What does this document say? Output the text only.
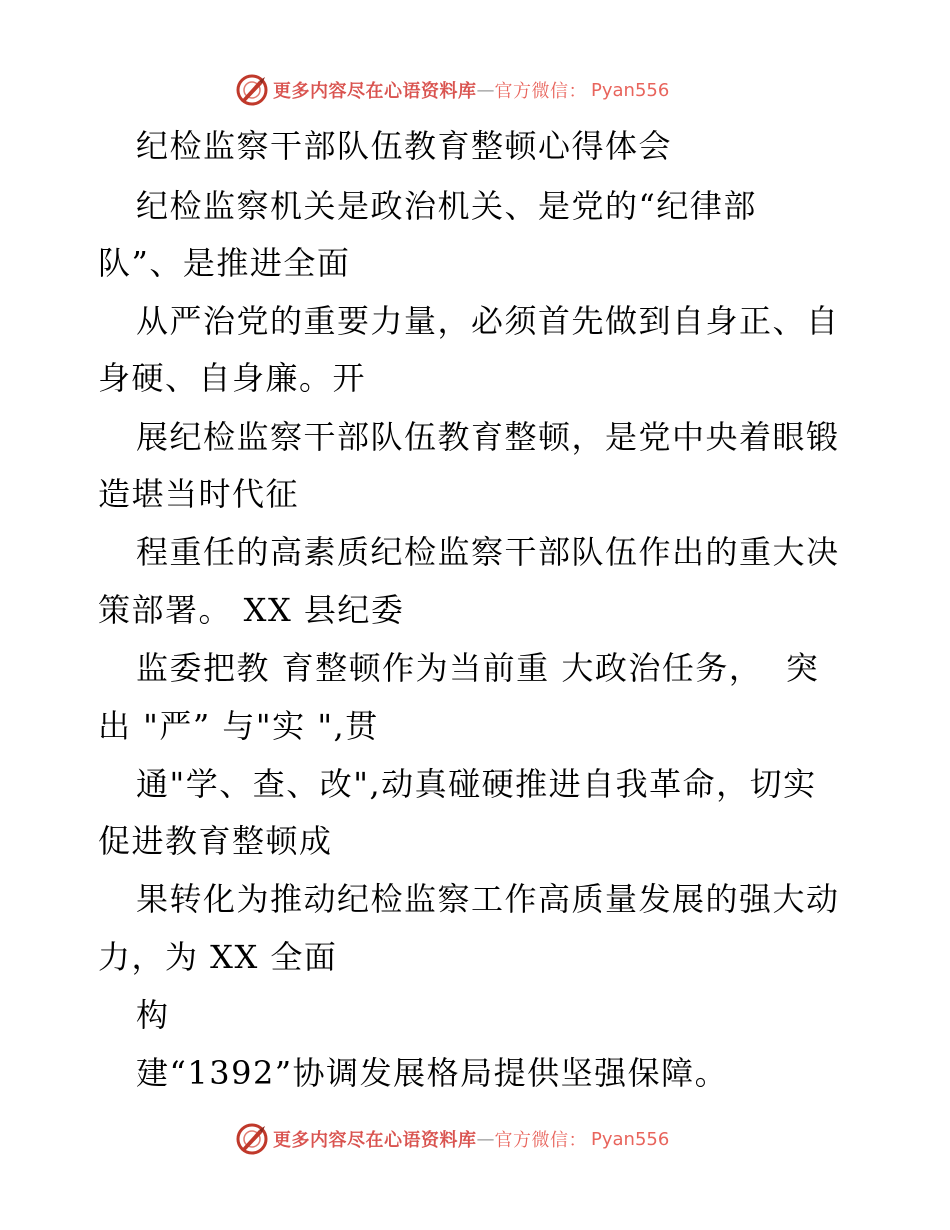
更多内容尽在心语资料库 — 官方微信： Pyan556
纪检监察干部队伍教育整顿心得体会
纪检监察机关是政治机关、是党的“纪律部
队”、是推进全面
从严治党的重要力量，必须首先做到自身正、自
身硬、自身廉。开
展纪检监察干部队伍教育整顿，是党中央着眼锻
造堪当时代征
程重任的高素质纪检监察干部队伍作出的重大决
策部署。 XX 县纪委
监委把教 育整顿作为当前重 大政治任务，  突
出 "严” 与"实 ",贯
通"学、查、改",动真碰硬推进自我革命，切实
促进教育整顿成
果转化为推动纪检监察工作高质量发展的强大动
力，为 XX 全面
构
建“1392”协调发展格局提供坚强保障。
更多内容尽在心语资料库 — 官方微信： Pyan556
